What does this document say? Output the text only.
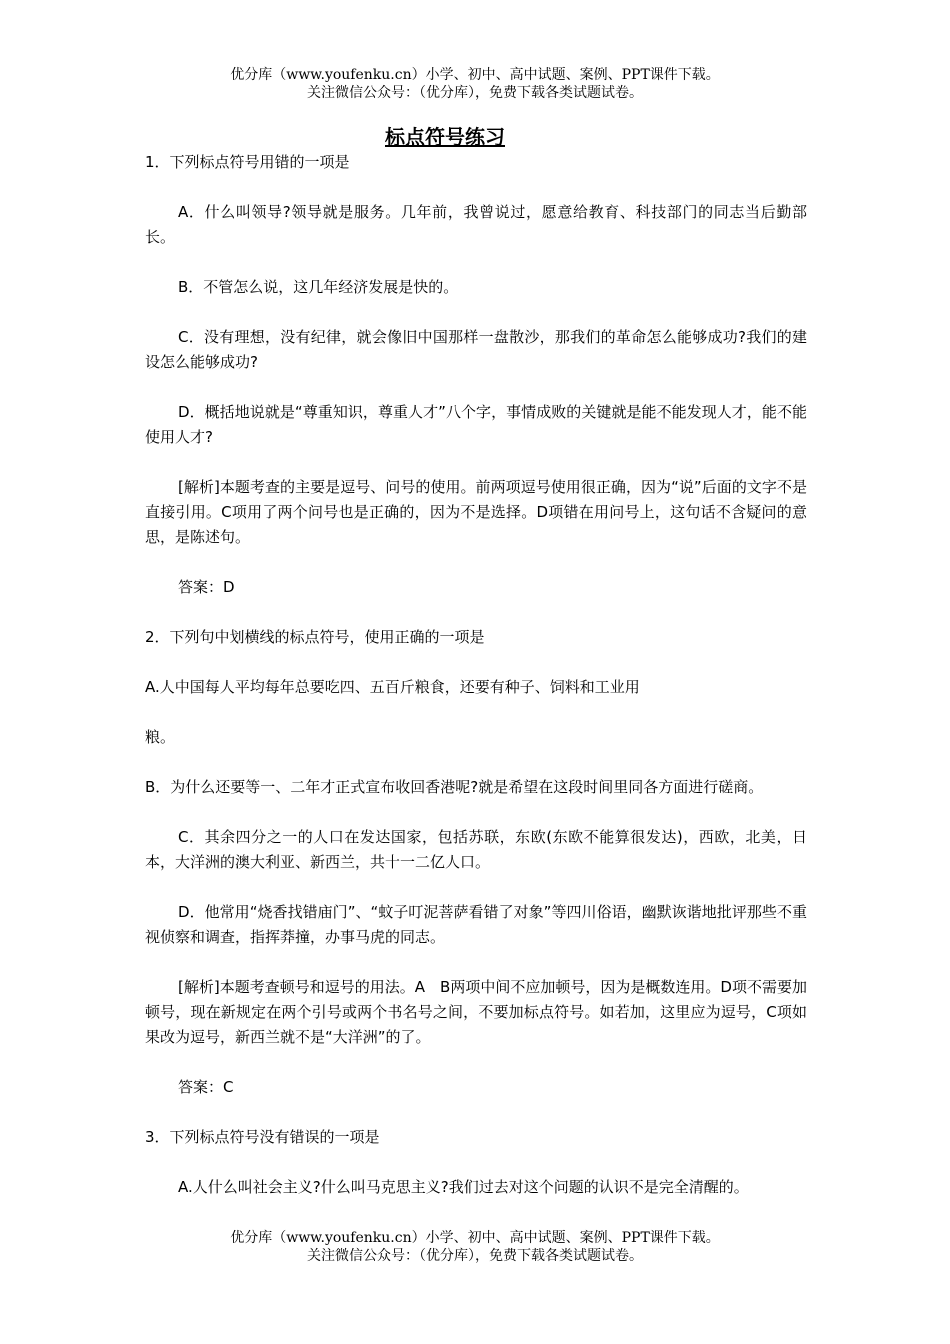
优分库（www.youfenku.cn）小学、初中、高中试题、案例、PPT课件下载。
关注微信公众号：（优分库），免费下载各类试题试卷。
标点符号练习

1．下列标点符号用错的一项是

A．什么叫领导?领导就是服务。几年前，我曾说过，愿意给教育、科技部门的同志当后勤部长。

B．不管怎么说，这几年经济发展是快的。

C．没有理想，没有纪律，就会像旧中国那样一盘散沙，那我们的革命怎么能够成功?我们的建设怎么能够成功?

D．概括地说就是“尊重知识，尊重人才”八个字，事情成败的关键就是能不能发现人才，能不能使用人才?

[解析]本题考查的主要是逗号、问号的使用。前两项逗号使用很正确，因为“说”后面的文字不是直接引用。C项用了两个问号也是正确的，因为不是选择。D项错在用问号上，这句话不含疑问的意思，是陈述句。

答案：D

2．下列句中划横线的标点符号，使用正确的一项是

A.人中国每人平均每年总要吃四、五百斤粮食，还要有种子、饲料和工业用

粮。

B．为什么还要等一、二年才正式宣布收回香港呢?就是希望在这段时间里同各方面进行磋商。

C．其余四分之一的人口在发达国家，包括苏联，东欧(东欧不能算很发达)，西欧，北美，日本，大洋洲的澳大利亚、新西兰，共十一二亿人口。

D．他常用“烧香找错庙门”、“蚊子叮泥菩萨看错了对象”等四川俗语，幽默诙谐地批评那些不重视侦察和调查，指挥莽撞，办事马虎的同志。

[解析]本题考查顿号和逗号的用法。A　B两项中间不应加顿号，因为是概数连用。D项不需要加顿号，现在新规定在两个引号或两个书名号之间，不要加标点符号。如若加，这里应为逗号，C项如果改为逗号，新西兰就不是“大洋洲”的了。

答案：C

3．下列标点符号没有错误的一项是

A.人什么叫社会主义?什么叫马克思主义?我们过去对这个问题的认识不是完全清醒的。

优分库（www.youfenku.cn）小学、初中、高中试题、案例、PPT课件下载。
关注微信公众号：（优分库），免费下载各类试题试卷。
